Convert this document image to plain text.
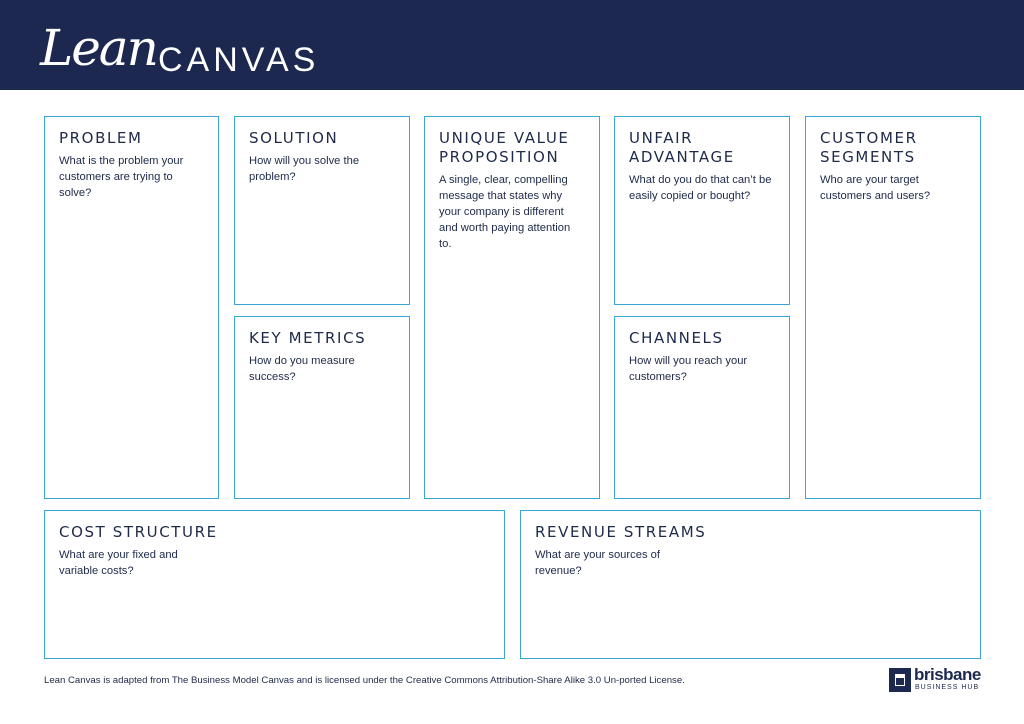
Lean CANVAS
PROBLEM

What is the problem your customers are trying to solve?

SOLUTION

How will you solve the problem?

KEY METRICS

How do you measure success?

UNIQUE VALUE PROPOSITION

A single, clear, compelling message that states why your company is different and worth paying attention to.

UNFAIR ADVANTAGE

What do you do that can’t be easily copied or bought?

CHANNELS

How will you reach your customers?

CUSTOMER SEGMENTS

Who are your target customers and users?

COST STRUCTURE

What are your fixed and variable costs?

REVENUE STREAMS

What are your sources of revenue?

Lean Canvas is adapted from The Business Model Canvas and is licensed under the Creative Commons Attribution-Share Alike 3.0 Un-ported License.	brisbane
BUSINESS HUB
